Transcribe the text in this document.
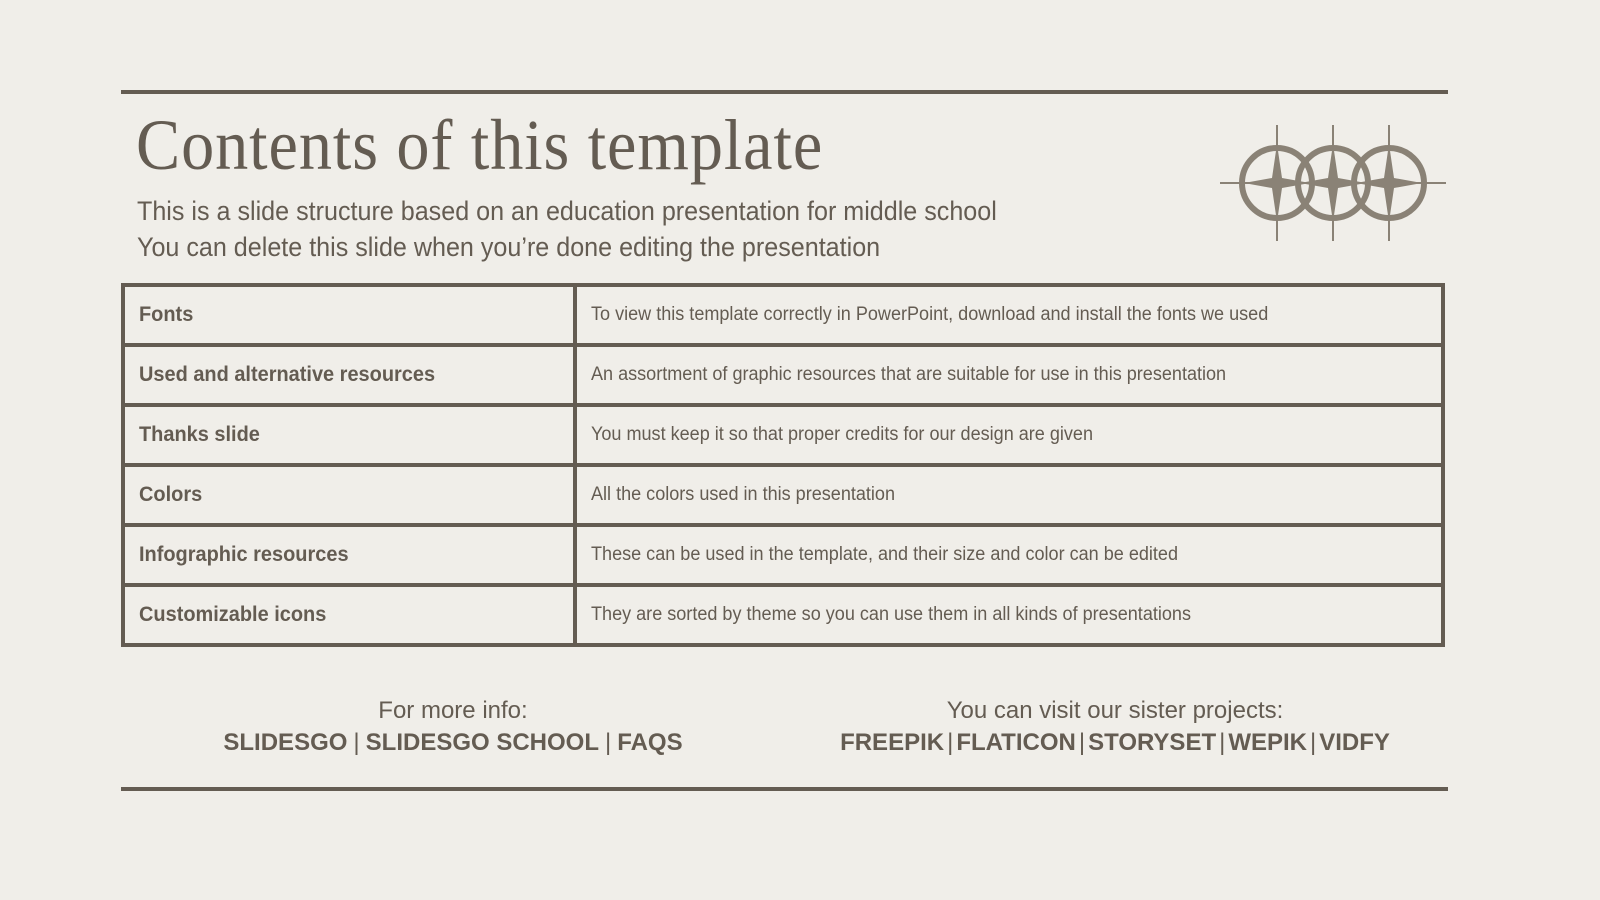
Contents of this template
This is a slide structure based on an education presentation for middle school
You can delete this slide when you’re done editing the presentation
Fonts	To view this template correctly in PowerPoint, download and install the fonts we used
Used and alternative resources	An assortment of graphic resources that are suitable for use in this presentation
Thanks slide	You must keep it so that proper credits for our design are given
Colors	All the colors used in this presentation
Infographic resources	These can be used in the template, and their size and color can be edited
Customizable icons	They are sorted by theme so you can use them in all kinds of presentations
For more info:
SLIDESGO | SLIDESGO SCHOOL | FAQS
You can visit our sister projects:
FREEPIK | FLATICON | STORYSET | WEPIK | VIDFY
